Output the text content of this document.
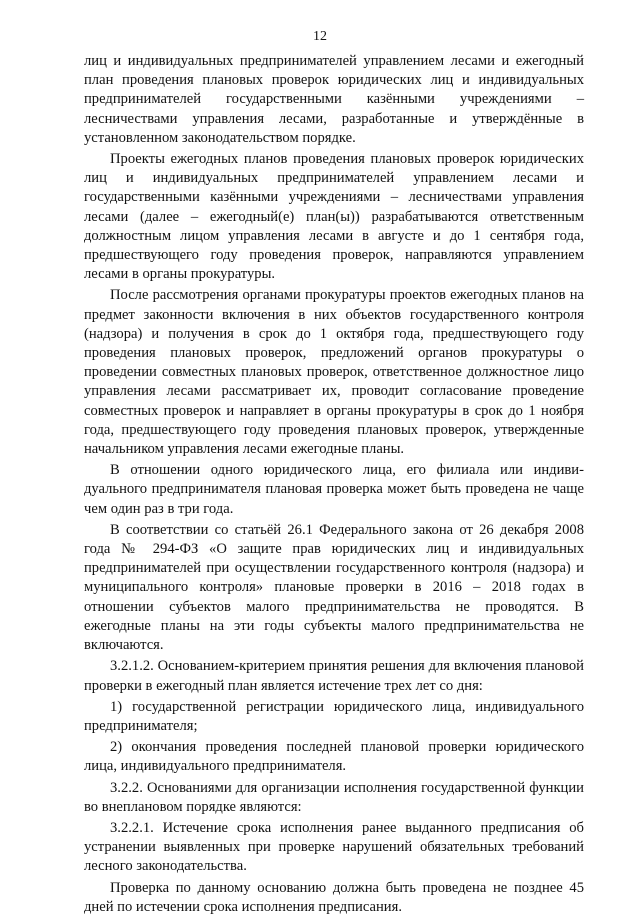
12

лиц и индивидуальных предпринимателей управлением лесами и ежегодный план проведения плановых проверок юридических лиц и индивидуальных предпринимателей государственными казёнными учреждениями – лесничествами управления лесами, разработанные и утверждённые в установленном законодательством порядке.

Проекты ежегодных планов проведения плановых проверок юридических лиц и индивидуальных предпринимателей управлением лесами и государственными казёнными учреждениями – лесничествами управления лесами (далее – ежегодный(е) план(ы)) разрабатываются ответственным должностным лицом управления лесами в августе и до 1 сентября года, предшествующего году проведения проверок, направляются управлением лесами в органы прокуратуры.

После рассмотрения органами прокуратуры проектов ежегодных планов на предмет законности включения в них объектов государственного контроля (надзора) и получения в срок до 1 октября года, предшествующего году проведения плановых проверок, предложений органов прокуратуры о проведении совместных плановых проверок, ответственное должностное лицо управления лесами рассматривает их, проводит согласование проведение совместных проверок и направляет в органы прокуратуры в срок до 1 ноября года, предшествующего году проведения плановых проверок, утвержденные начальником управления лесами ежегодные планы.

В отношении одного юридического лица, его филиала или индивидуального предпринимателя плановая проверка может быть проведена не чаще чем один раз в три года.

В соответствии со статьёй 26.1 Федерального закона от 26 декабря 2008 года № 294-ФЗ «О защите прав юридических лиц и индивидуальных предпринимателей при осуществлении государственного контроля (надзора) и муниципального контроля» плановые проверки в 2016 – 2018 годах в отношении субъектов малого предпринимательства не проводятся. В ежегодные планы на эти годы субъекты малого предпринимательства не включаются.

3.2.1.2. Основанием-критерием принятия решения для включения плановой проверки в ежегодный план является истечение трех лет со дня:

1) государственной регистрации юридического лица, индивидуального предпринимателя;

2) окончания проведения последней плановой проверки юридического лица, индивидуального предпринимателя.

3.2.2. Основаниями для организации исполнения государственной функции во внеплановом порядке являются:

3.2.2.1. Истечение срока исполнения ранее выданного предписания об устранении выявленных при проверке нарушений обязательных требований лесного законодательства.

Проверка по данному основанию должна быть проведена не позднее 45 дней по истечении срока исполнения предписания.
